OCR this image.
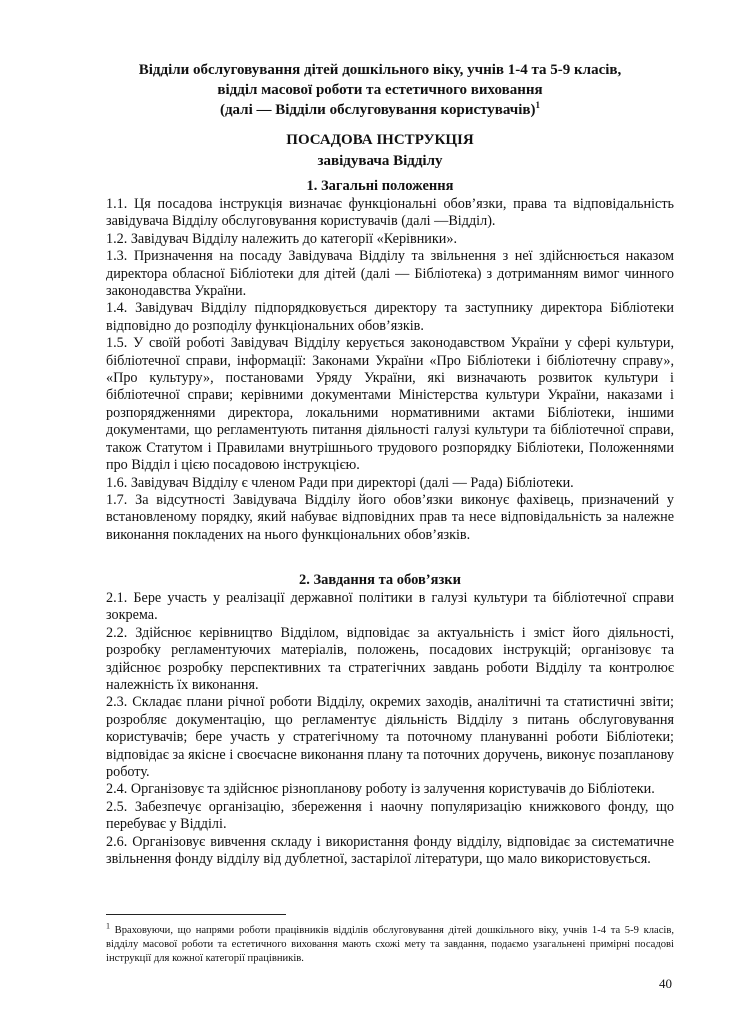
Відділи обслуговування дітей дошкільного віку, учнів 1-4 та 5-9 класів,
відділ масової роботи та естетичного виховання
(далі — Відділи обслуговування користувачів)$^1$
ПОСАДОВА ІНСТРУКЦІЯ
завідувача Відділу
1. Загальні положення
1.1. Ця посадова інструкція визначає функціональні обов’язки, права та відповідальність завідувача Відділу обслуговування користувачів (далі —Відділ).
1.2. Завідувач Відділу належить до категорії «Керівники».
1.3. Призначення на посаду Завідувача Відділу та звільнення з неї здійснюється наказом директора обласної Бібліотеки для дітей (далі — Бібліотека) з дотриманням вимог чинного законодавства України.
1.4. Завідувач Відділу підпорядковується директору та заступнику директора Бібліотеки відповідно до розподілу функціональних обов’язків.
1.5. У своїй роботі Завідувач Відділу керується законодавством України у сфері культури, бібліотечної справи, інформації: Законами України «Про Бібліотеки і бібліотечну справу», «Про культуру», постановами Уряду України, які визначають розвиток культури і бібліотечної справи; керівними документами Міністерства культури України, наказами і розпорядженнями директора, локальними нормативними актами Бібліотеки, іншими документами, що регламентують питання діяльності галузі культури та бібліотечної справи, також Статутом і Правилами внутрішнього трудового розпорядку Бібліотеки, Положеннями про Відділ і цією посадовою інструкцією.
1.6. Завідувач Відділу є членом Ради при директорі (далі — Рада) Бібліотеки.
1.7. За відсутності Завідувача Відділу його обов’язки виконує фахівець, призначений у встановленому порядку, який набуває відповідних прав та несе відповідальність за належне виконання покладених на нього функціональних обов’язків.
2. Завдання та обов’язки
2.1. Бере участь у реалізації державної політики в галузі культури та бібліотечної справи зокрема.
2.2. Здійснює керівництво Відділом, відповідає за актуальність і зміст його діяльності, розробку регламентуючих матеріалів, положень, посадових інструкцій; організовує та здійснює розробку перспективних та стратегічних завдань роботи Відділу та контролює належність їх виконання.
2.3. Складає плани річної роботи Відділу, окремих заходів, аналітичні та статистичні звіти; розробляє документацію, що регламентує діяльність Відділу з питань обслуговування користувачів; бере участь у стратегічному та поточному плануванні роботи Бібліотеки; відповідає за якісне і своєчасне виконання плану та поточних доручень, виконує позапланову роботу.
2.4. Організовує та здійснює різнопланову роботу із залучення користувачів до Бібліотеки.
2.5. Забезпечує організацію, збереження і наочну популяризацію книжкового фонду, що перебуває у Відділі.
2.6. Організовує вивчення складу і використання фонду відділу, відповідає за систематичне звільнення фонду відділу від дублетної, застарілої літератури, що мало використовується.
$^1$ Враховуючи, що напрями роботи працівників відділів обслуговування дітей дошкільного віку, учнів 1-4 та 5-9 класів, відділу масової роботи та естетичного виховання мають схожі мету та завдання, подаємо узагальнені примірні посадові інструкції для кожної категорії працівників.
40
